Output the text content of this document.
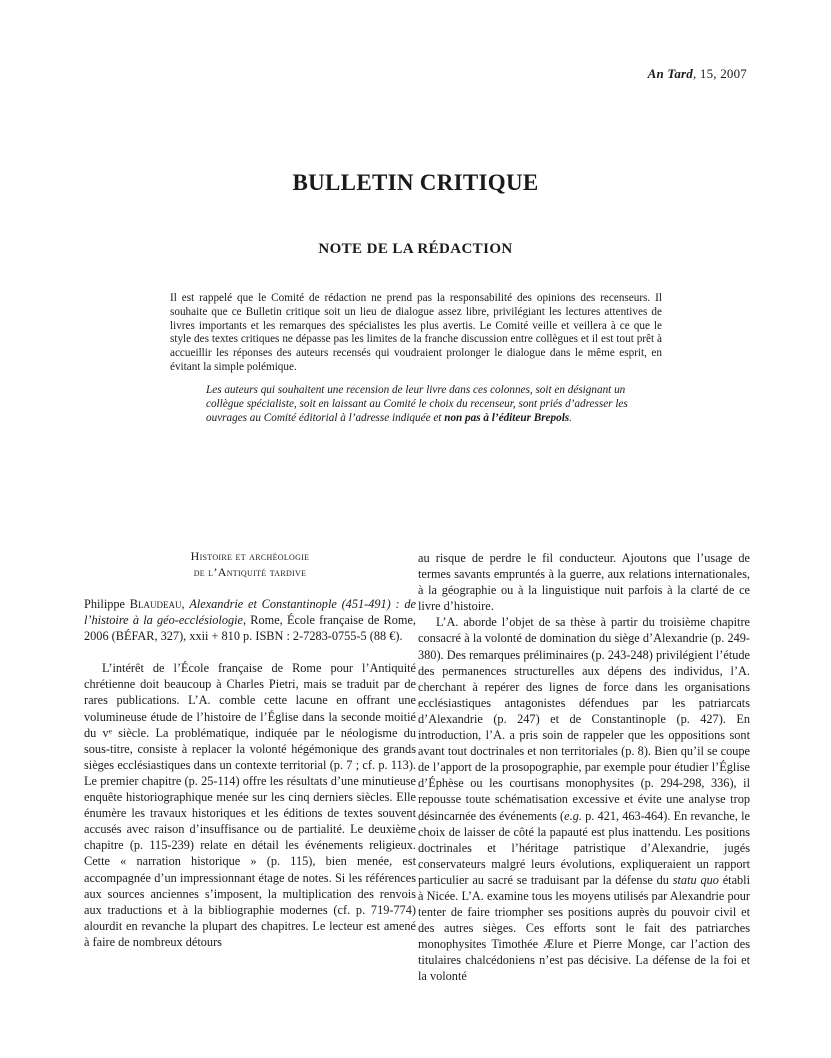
An Tard, 15, 2007
BULLETIN CRITIQUE
NOTE DE LA RÉDACTION

Il est rappelé que le Comité de rédaction ne prend pas la responsabilité des opinions des recenseurs. Il souhaite que ce Bulletin critique soit un lieu de dialogue assez libre, privilégiant les lectures attentives de livres importants et les remarques des spécialistes les plus avertis. Le Comité veille et veillera à ce que le style des textes critiques ne dépasse pas les limites de la franche discussion entre collègues et il est tout prêt à accueillir les réponses des auteurs recensés qui voudraient prolonger le dialogue dans le même esprit, en évitant la simple polémique.

Les auteurs qui souhaitent une recension de leur livre dans ces colonnes, soit en désignant un collègue spécialiste, soit en laissant au Comité le choix du recenseur, sont priés d’adresser les ouvrages au Comité éditorial à l’adresse indiquée et non pas à l’éditeur Brepols.

Histoire et archéologie
de l’Antiquité tardive

Philippe Blaudeau, Alexandrie et Constantinople (451-491) : de l’histoire à la géo-ecclésiologie, Rome, École française de Rome, 2006 (BÉFAR, 327), xxii + 810 p. ISBN : 2-7283-0755-5 (88 €).

L’intérêt de l’École française de Rome pour l’Antiquité chrétienne doit beaucoup à Charles Pietri, mais se traduit par de rares publications. L’A. comble cette lacune en offrant une volumineuse étude de l’histoire de l’Église dans la seconde moitié du vᵉ siècle. La problématique, indiquée par le néologisme du sous-titre, consiste à replacer la volonté hégémonique des grands sièges ecclésiastiques dans un contexte territorial (p. 7 ; cf. p. 113). Le premier chapitre (p. 25-114) offre les résultats d’une minutieuse enquête historiographique menée sur les cinq derniers siècles. Elle énumère les travaux historiques et les éditions de textes souvent accusés avec raison d’insuffisance ou de partialité. Le deuxième chapitre (p. 115-239) relate en détail les événements religieux. Cette « narration historique » (p. 115), bien menée, est accompagnée d’un impressionnant étage de notes. Si les références aux sources anciennes s’imposent, la multiplication des renvois aux traductions et à la bibliographie modernes (cf. p. 719-774) alourdit en revanche la plupart des chapitres. Le lecteur est amené à faire de nombreux détours

au risque de perdre le fil conducteur. Ajoutons que l’usage de termes savants empruntés à la guerre, aux relations internationales, à la géographie ou à la linguistique nuit parfois à la clarté de ce livre d’histoire.

L’A. aborde l’objet de sa thèse à partir du troisième chapitre consacré à la volonté de domination du siège d’Alexandrie (p. 249-380). Des remarques préliminaires (p. 243-248) privilégient l’étude des permanences structurelles aux dépens des individus, l’A. cherchant à repérer des lignes de force dans les organisations ecclésiastiques antagonistes défendues par les patriarcats d’Alexandrie (p. 247) et de Constantinople (p. 427). En introduction, l’A. a pris soin de rappeler que les oppositions sont avant tout doctrinales et non territoriales (p. 8). Bien qu’il se coupe de l’apport de la prosopographie, par exemple pour étudier l’Église d’Éphèse ou les courtisans monophysites (p. 294-298, 336), il repousse toute schématisation excessive et évite une analyse trop désincarnée des événements (e.g. p. 421, 463-464). En revanche, le choix de laisser de côté la papauté est plus inattendu. Les positions doctrinales et l’héritage patristique d’Alexandrie, jugés conservateurs malgré leurs évolutions, expliqueraient un rapport particulier au sacré se traduisant par la défense du statu quo établi à Nicée. L’A. examine tous les moyens utilisés par Alexandrie pour tenter de faire triompher ses positions auprès du pouvoir civil et des autres sièges. Ces efforts sont le fait des patriarches monophysites Timothée Ælure et Pierre Monge, car l’action des titulaires chalcédoniens n’est pas décisive. La défense de la foi et la volonté
